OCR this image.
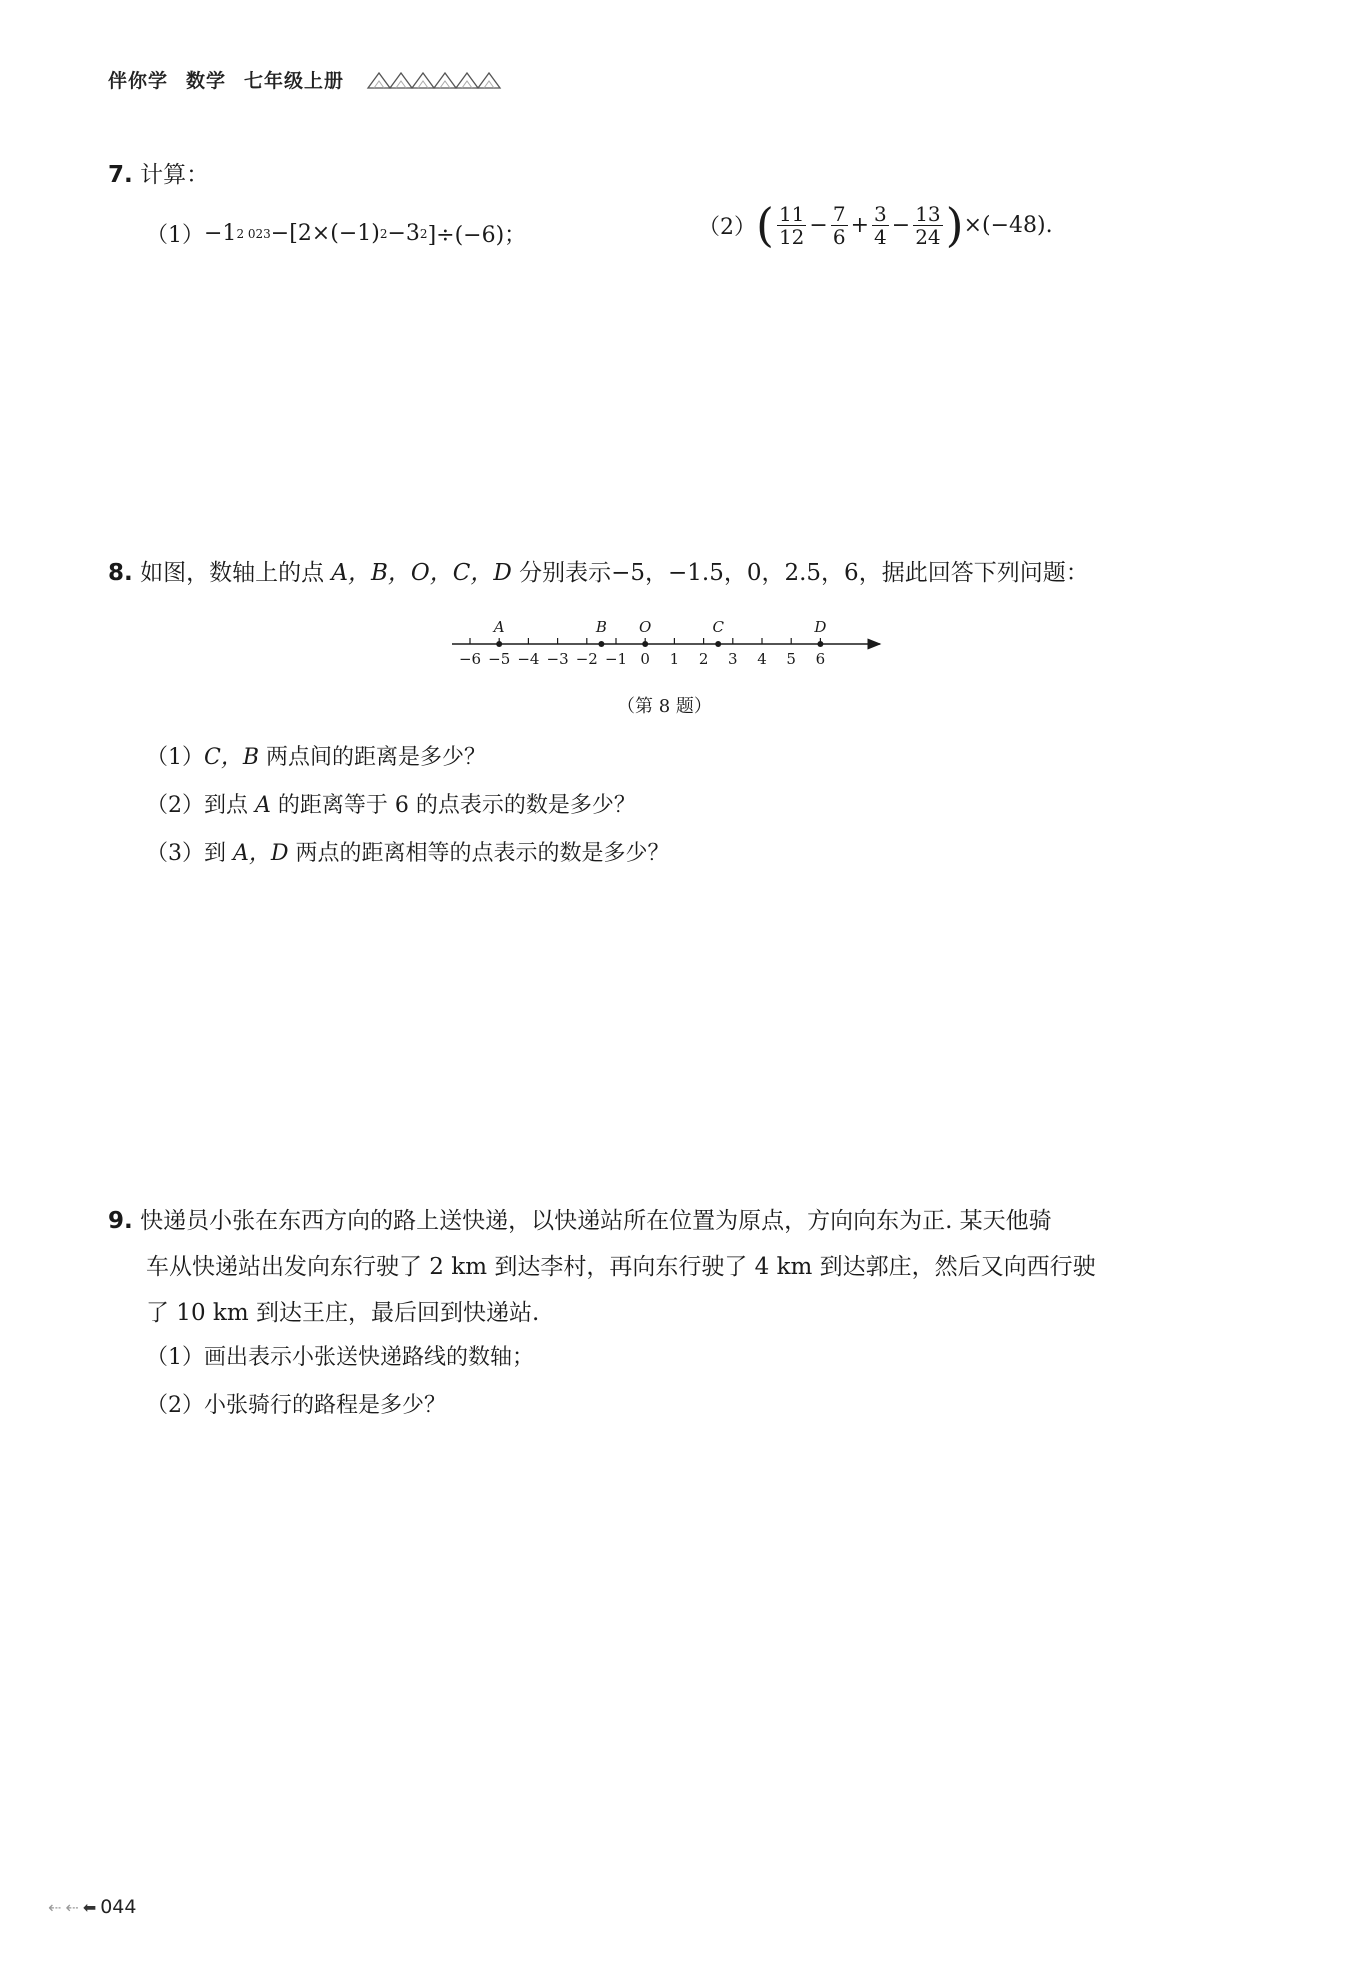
伴你学 数学 七年级上册
7. 计算：
（1） −1 2 023 −[2×(−1) 2 −3 2 ]÷(−6)；	（2） ( $\frac{11}{12} - \frac{7}{6} + \frac{3}{4} - \frac{13}{24}$ ) ×(−48).
8. 如图，数轴上的点 A，B，O，C，D 分别表示−5，−1.5，0，2.5，6，据此回答下列问题：
−6 −5 −4 −3 −2 −1 0 1 2 3 4 5 6
A	B O	C	D
（第 8 题）
（1）C，B 两点间的距离是多少？
（2）到点 A 的距离等于 6 的点表示的数是多少？
（3）到 A，D 两点的距离相等的点表示的数是多少？
9. 快递员小张在东西方向的路上送快递，以快递站所在位置为原点，方向向东为正. 某天他骑
车从快递站出发向东行驶了 2 km 到达李村，再向东行驶了 4 km 到达郭庄，然后又向西行驶
了 10 km 到达王庄，最后回到快递站.
（1）画出表示小张送快递路线的数轴；
（2）小张骑行的路程是多少？
⇠ ⇠ ⬅ 044
